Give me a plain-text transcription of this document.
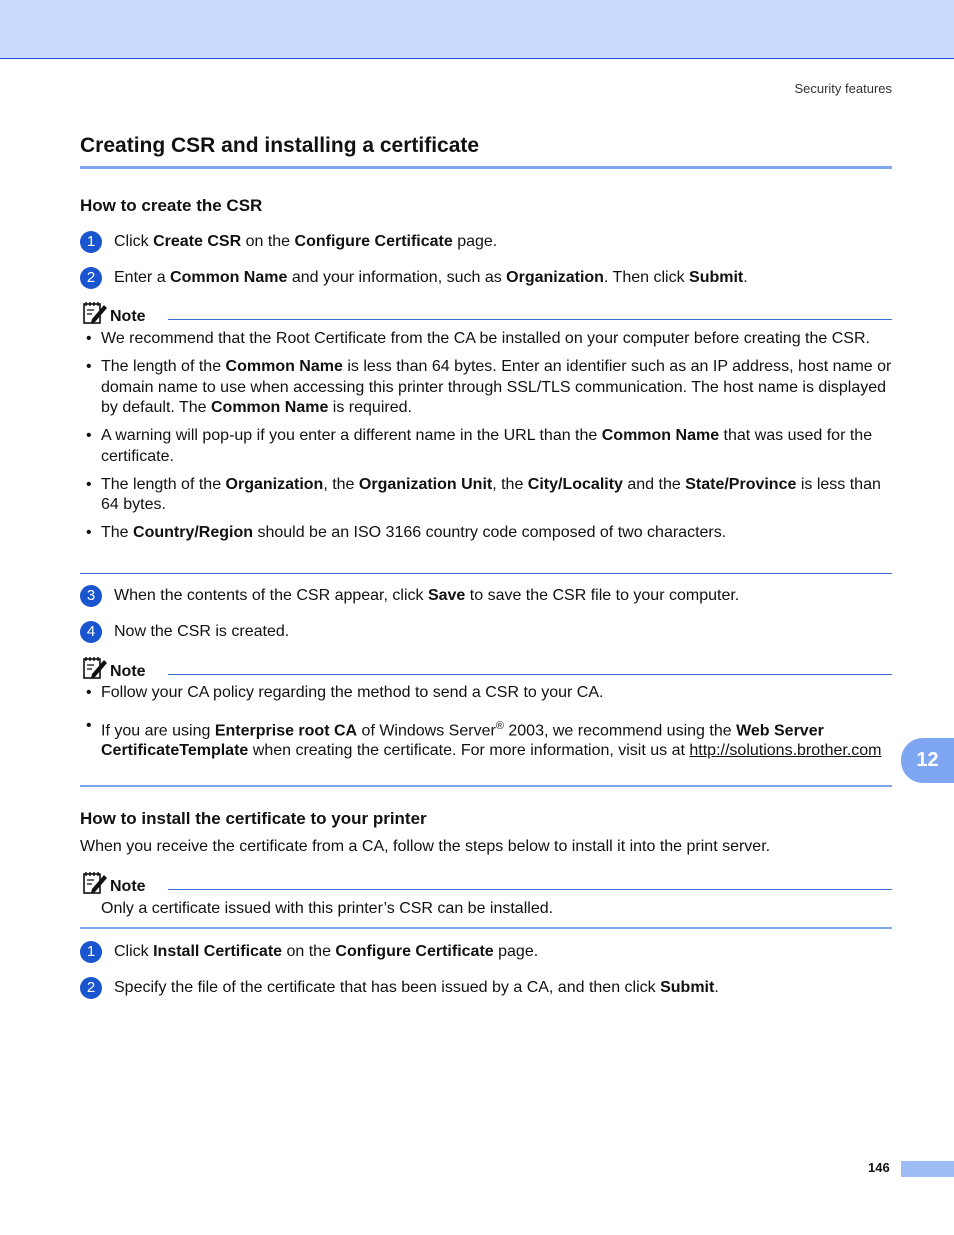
Security features
Creating CSR and installing a certificate
How to create the CSR
1	Click Create CSR on the Configure Certificate page.
2	Enter a Common Name and your information, such as Organization. Then click Submit.
Note
• We recommend that the Root Certificate from the CA be installed on your computer before creating the CSR.
• The length of the Common Name is less than 64 bytes. Enter an identifier such as an IP address, host name or domain name to use when accessing this printer through SSL/TLS communication. The host name is displayed by default. The Common Name is required.
• A warning will pop-up if you enter a different name in the URL than the Common Name that was used for the certificate.
• The length of the Organization, the Organization Unit, the City/Locality and the State/Province is less than 64 bytes.
• The Country/Region should be an ISO 3166 country code composed of two characters.
3	When the contents of the CSR appear, click Save to save the CSR file to your computer.
4	Now the CSR is created.
Note
• Follow your CA policy regarding the method to send a CSR to your CA.
• If you are using Enterprise root CA of Windows Server® 2003, we recommend using the Web Server CertificateTemplate when creating the certificate. For more information, visit us at http://solutions.brother.com
How to install the certificate to your printer
When you receive the certificate from a CA, follow the steps below to install it into the print server.
Note
Only a certificate issued with this printer’s CSR can be installed.
1	Click Install Certificate on the Configure Certificate page.
2	Specify the file of the certificate that has been issued by a CA, and then click Submit.
12
146
